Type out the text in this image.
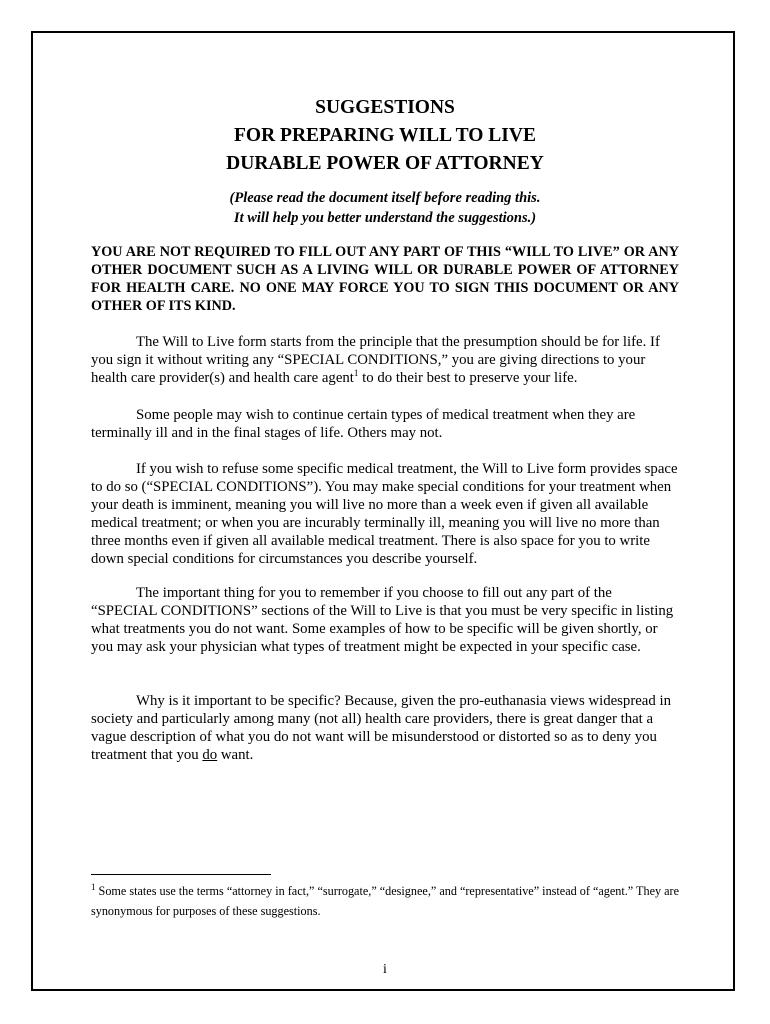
SUGGESTIONS
FOR PREPARING WILL TO LIVE
DURABLE POWER OF ATTORNEY
(Please read the document itself before reading this.
It will help you better understand the suggestions.)
YOU ARE NOT REQUIRED TO FILL OUT ANY PART OF THIS “WILL TO LIVE” OR ANY OTHER DOCUMENT SUCH AS A LIVING WILL OR DURABLE POWER OF ATTORNEY FOR HEALTH CARE. NO ONE MAY FORCE YOU TO SIGN THIS DOCUMENT OR ANY OTHER OF ITS KIND.

The Will to Live form starts from the principle that the presumption should be for life. If you sign it without writing any “SPECIAL CONDITIONS,” you are giving directions to your health care provider(s) and health care agent$^1$ to do their best to preserve your life.

Some people may wish to continue certain types of medical treatment when they are terminally ill and in the final stages of life. Others may not.

If you wish to refuse some specific medical treatment, the Will to Live form provides space to do so (“SPECIAL CONDITIONS”). You may make special conditions for your treatment when your death is imminent, meaning you will live no more than a week even if given all available medical treatment; or when you are incurably terminally ill, meaning you will live no more than three months even if given all available medical treatment. There is also space for you to write down special conditions for circumstances you describe yourself.

The important thing for you to remember if you choose to fill out any part of the “SPECIAL CONDITIONS” sections of the Will to Live is that you must be very specific in listing what treatments you do not want. Some examples of how to be specific will be given shortly, or you may ask your physician what types of treatment might be expected in your specific case.

Why is it important to be specific? Because, given the pro-euthanasia views widespread in society and particularly among many (not all) health care providers, there is great danger that a vague description of what you do not want will be misunderstood or distorted so as to deny you treatment that you do want.

$^1$ Some states use the terms “attorney in fact,” “surrogate,” “designee,” and “representative” instead of “agent.” They are synonymous for purposes of these suggestions.
i
